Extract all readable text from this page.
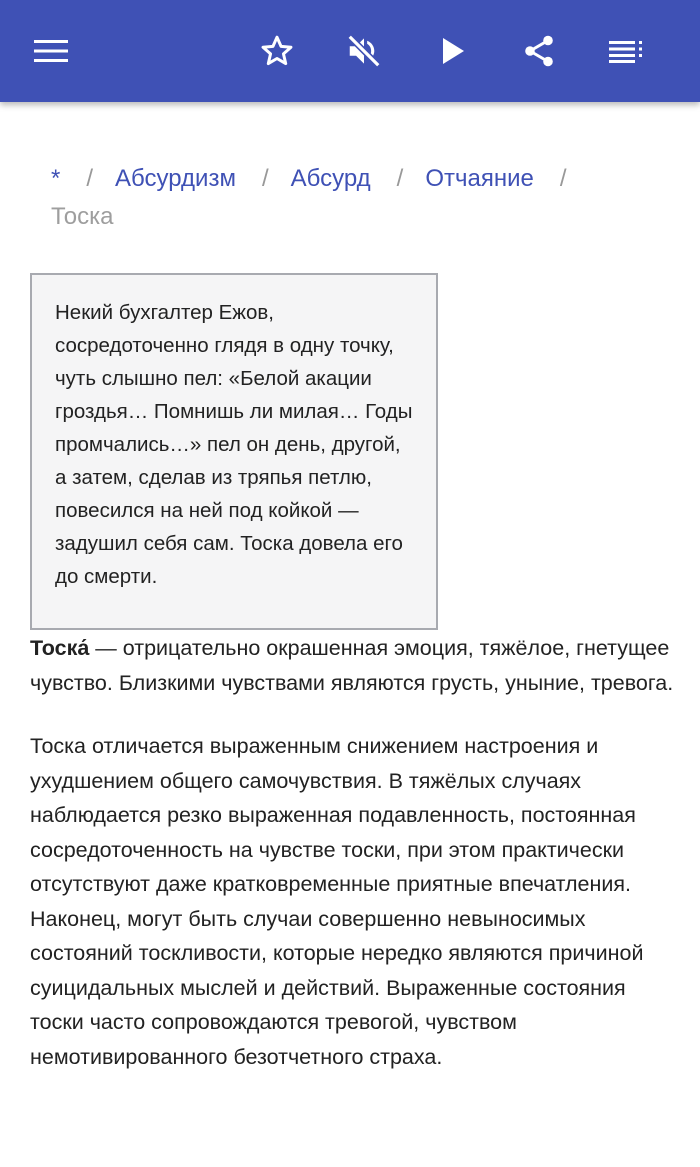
* / Абсурдизм / Абсурд / Отчаяние /
Тоска
Некий бухгалтер Ежов, сосредоточенно глядя в одну точку, чуть слышно пел: «Белой акации гроздья… Помнишь ли милая… Годы промчались…» пел он день, другой, а затем, сделав из тряпья петлю, повесился на ней под койкой — задушил себя сам. Тоска довела его до смерти.

Тоска́ — отрицательно окрашенная эмоция, тяжёлое, гнетущее чувство. Близкими чувствами являются грусть, уныние, тревога.

Тоска отличается выраженным снижением настроения и ухудшением общего самочувствия. В тяжёлых случаях наблюдается резко выраженная подавленность, постоянная сосредоточенность на чувстве тоски, при этом практически отсутствуют даже кратковременные приятные впечатления. Наконец, могут быть случаи совершенно невыносимых состояний тоскливости, которые нередко являются причиной суицидальных мыслей и действий. Выраженные состояния тоски часто сопровождаются тревогой, чувством немотивированного безотчетного страха.
